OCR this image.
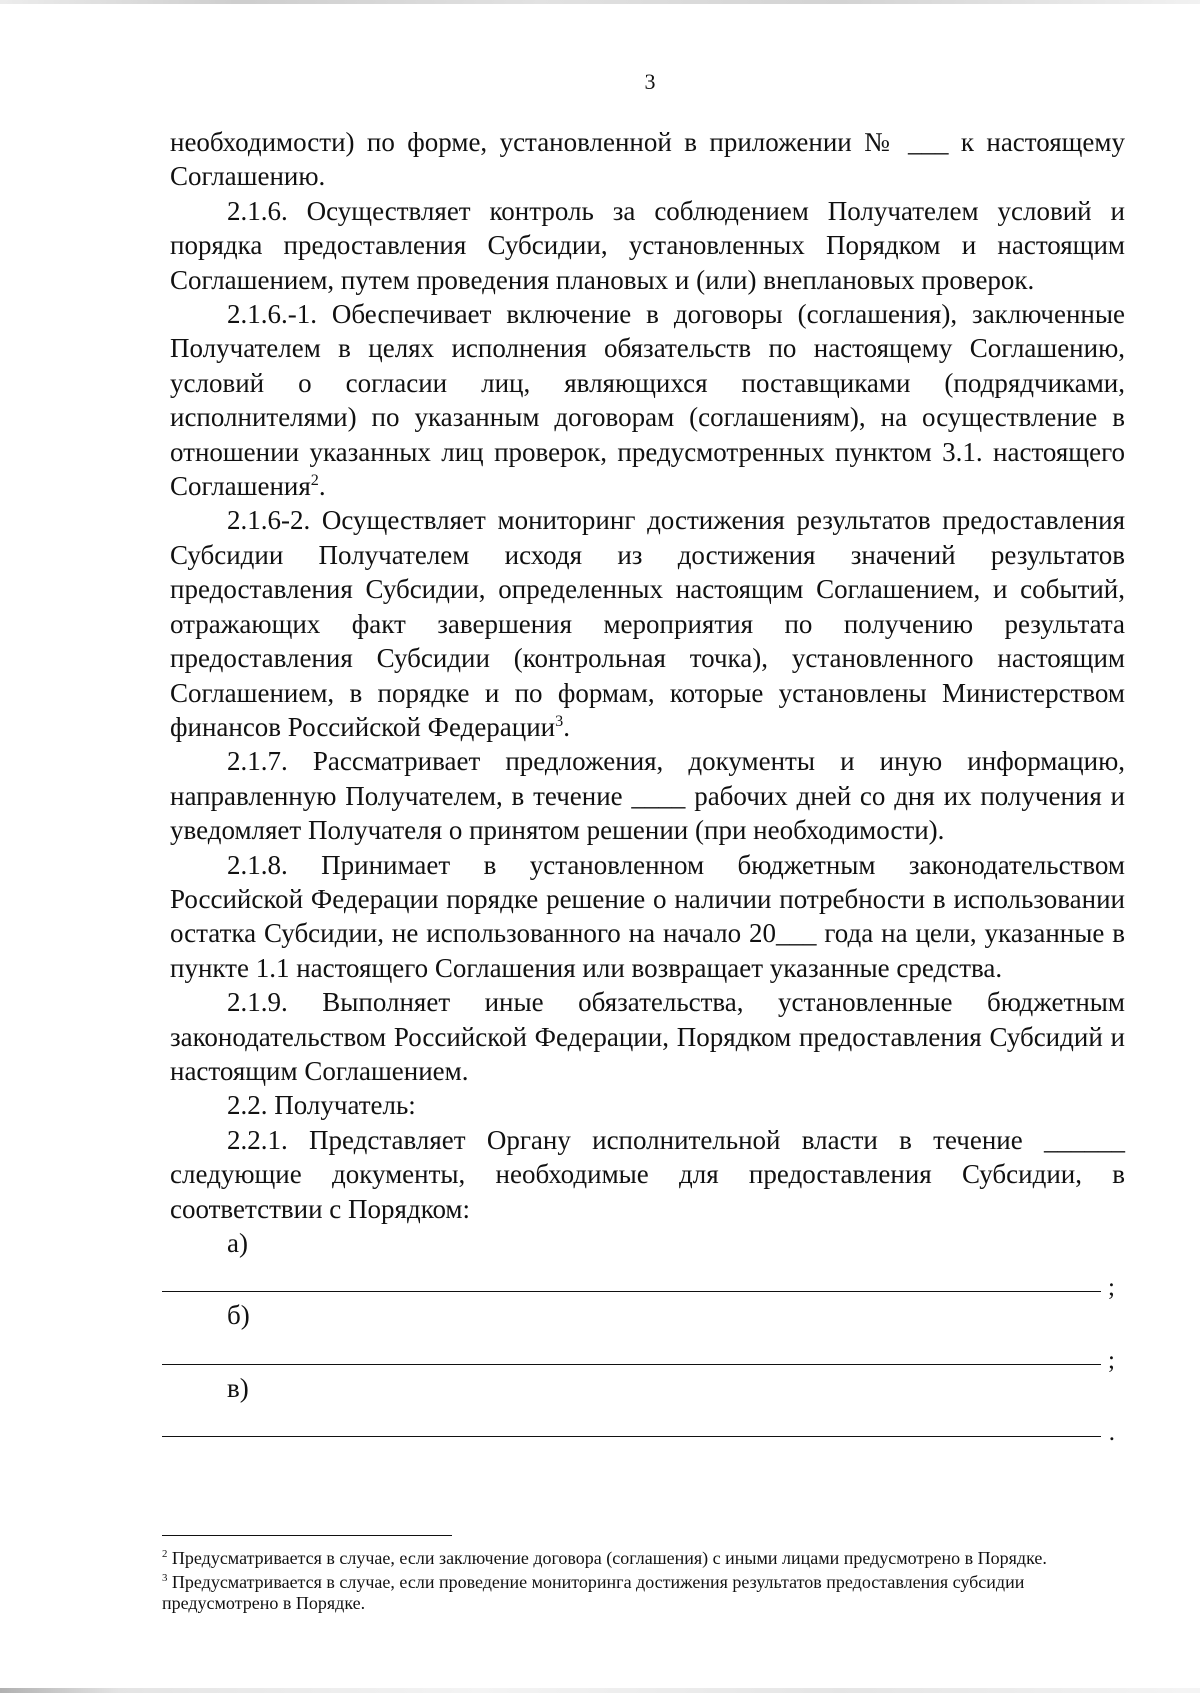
3

необходимости) по форме, установленной в приложении № ___ к настоящему Соглашению.

2.1.6. Осуществляет контроль за соблюдением Получателем условий и порядка предоставления Субсидии, установленных Порядком и настоящим Соглашением, путем проведения плановых и (или) внеплановых проверок.

2.1.6.-1. Обеспечивает включение в договоры (соглашения), заключенные Получателем в целях исполнения обязательств по настоящему Соглашению, условий о согласии лиц, являющихся поставщиками (подрядчиками, исполнителями) по указанным договорам (соглашениям), на осуществление в отношении указанных лиц проверок, предусмотренных пунктом 3.1. настоящего Соглашения$^2$.

2.1.6-2. Осуществляет мониторинг достижения результатов предоставления Субсидии Получателем исходя из достижения значений результатов предоставления Субсидии, определенных настоящим Соглашением, и событий, отражающих факт завершения мероприятия по получению результата предоставления Субсидии (контрольная точка), установленного настоящим Соглашением, в порядке и по формам, которые установлены Министерством финансов Российской Федерации$^3$.

2.1.7. Рассматривает предложения, документы и иную информацию, направленную Получателем, в течение ____ рабочих дней со дня их получения и уведомляет Получателя о принятом решении (при необходимости).

2.1.8. Принимает в установленном бюджетным законодательством Российской Федерации порядке решение о наличии потребности в использовании остатка Субсидии, не использованного на начало 20___ года на цели, указанные в пункте 1.1 настоящего Соглашения или возвращает указанные средства.

2.1.9. Выполняет иные обязательства, установленные бюджетным законодательством Российской Федерации, Порядком предоставления Субсидий и настоящим Соглашением.

2.2. Получатель:

2.2.1. Представляет Органу исполнительной власти в течение ______ следующие документы, необходимые для предоставления Субсидии, в соответствии с Порядком:

а)

;

б)

;

в)

.

$^2$ Предусматривается в случае, если заключение договора (соглашения) с иными лицами предусмотрено в Порядке.

$^3$ Предусматривается в случае, если проведение мониторинга достижения результатов предоставления субсидии предусмотрено в Порядке.
